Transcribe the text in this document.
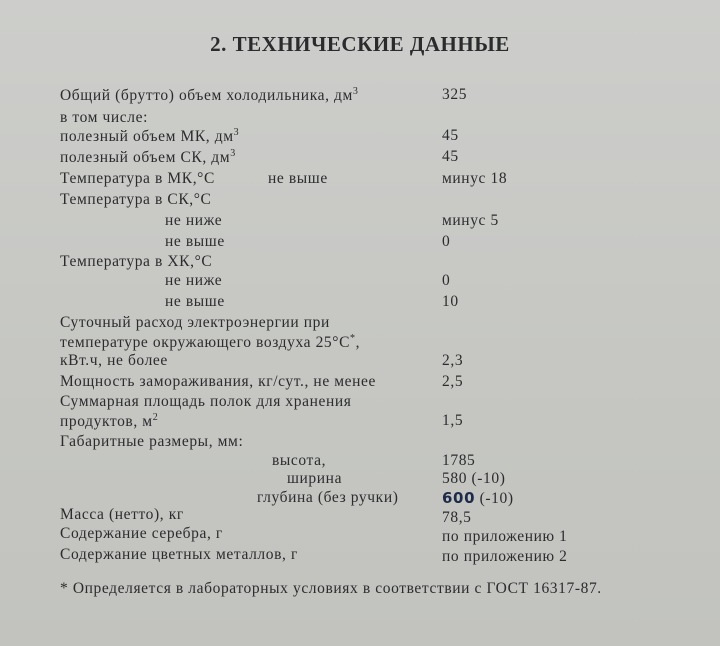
2. ТЕХНИЧЕСКИЕ ДАННЫЕ
Общий (брутто) объем холодильника, $дм^3$	325
в том числе:
полезный объем МК, $дм^3$	45
полезный объем СК, $дм^3$	45
Температура в МК,°С	не выше	минус 18
Температура в СК,°С
не ниже	минус 5
не выше	0
Температура в ХК,°С
не ниже	0
не выше	10
Суточный расход электроэнергии при
температуре окружающего воздуха 25°С*,
кВт.ч, не более	2,3
Мощность замораживания, кг/сут., не менее	2,5
Суммарная площадь полок для хранения
продуктов, $м^2$	1,5
Габаритные размеры, мм:
высота,	1785
ширина	580 (-10)
глубина (без ручки)	600 (-10)
Масса (нетто), кг	78,5
Содержание серебра, г	по приложению 1
Содержание цветных металлов, г	по приложению 2
* Определяется в лабораторных условиях в соответствии с ГОСТ 16317-87.
